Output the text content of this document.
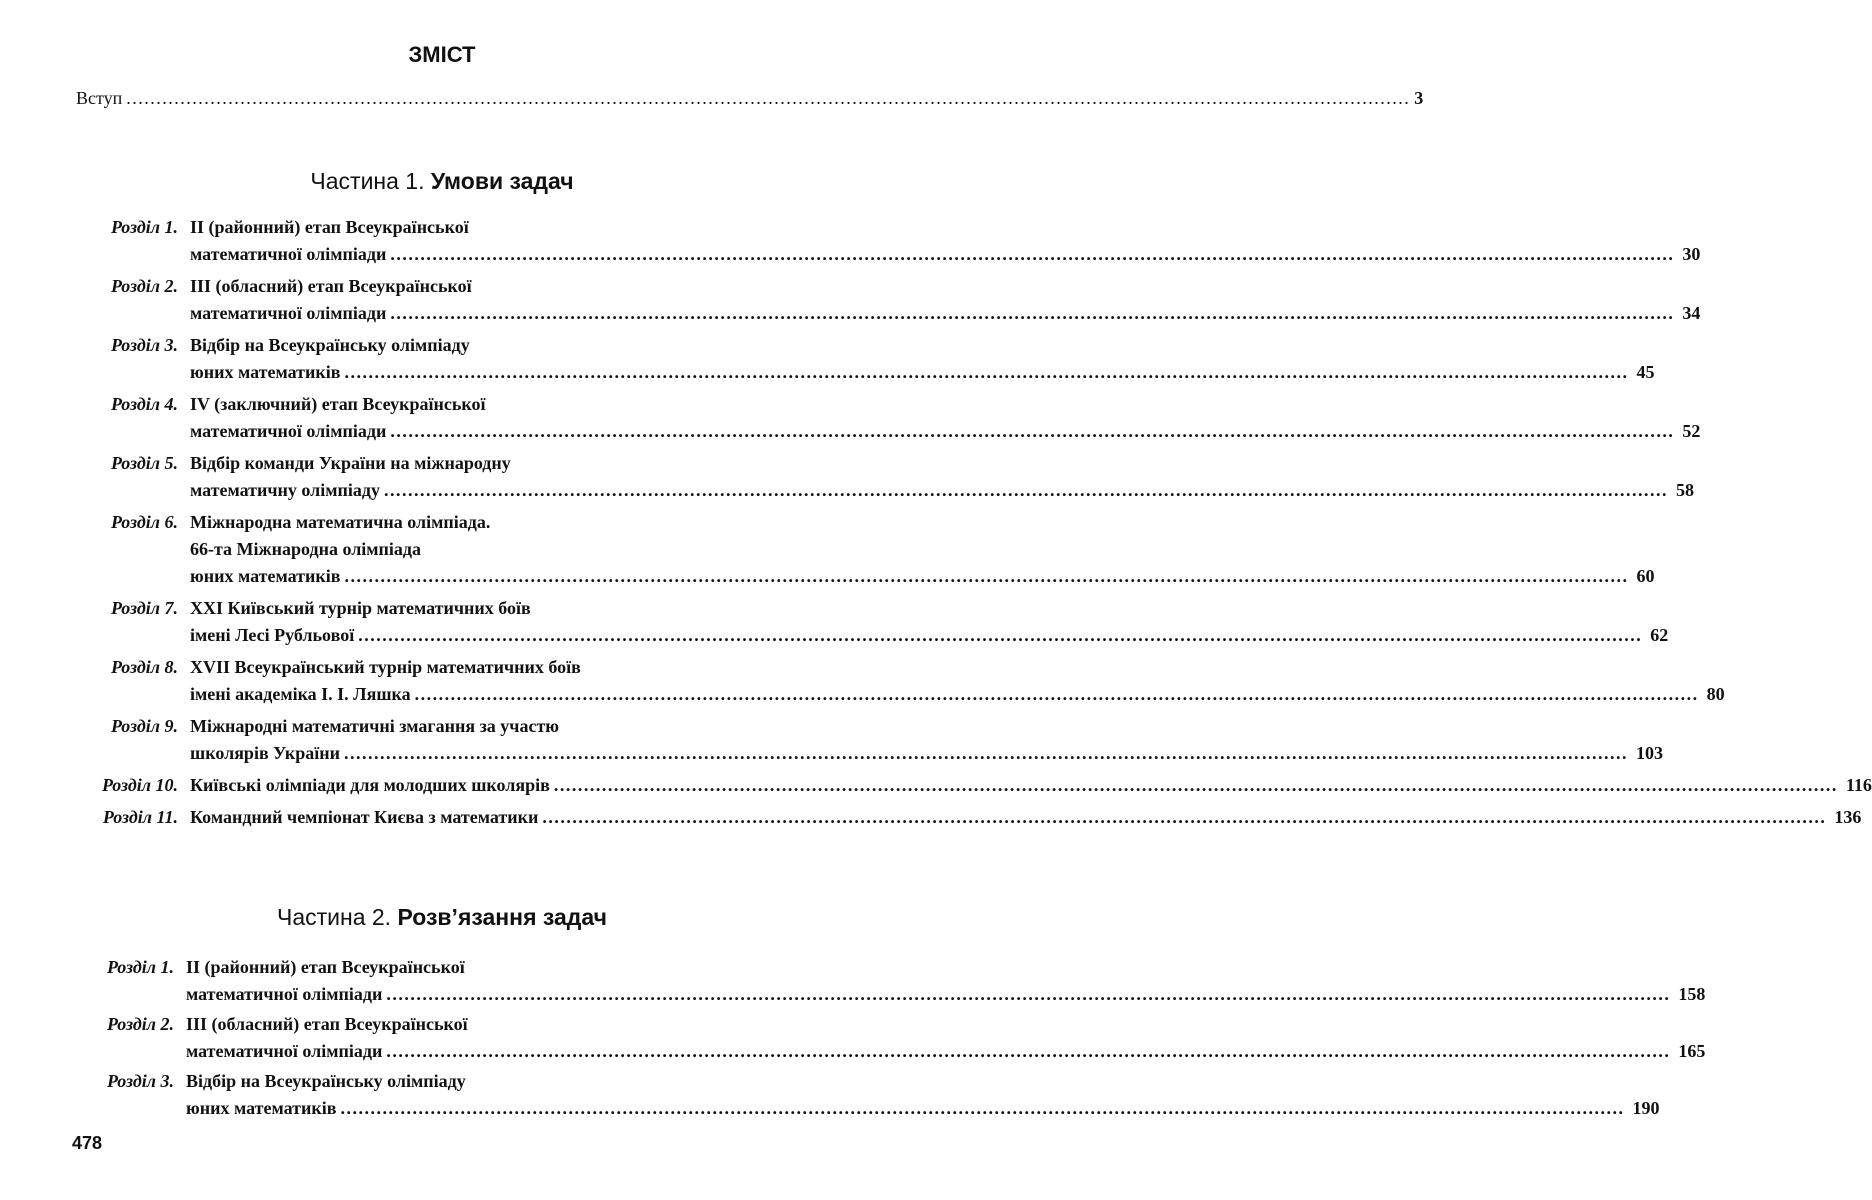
ЗМІСТ
Вступ .....	3
Частина 1. Умови задач
Розділ 1. II (районний) етап Всеукраїнської
математичної олімпіади .....	30
Розділ 2. III (обласний) етап Всеукраїнської
математичної олімпіади .....	34
Розділ 3. Відбір на Всеукраїнську олімпіаду
юних математиків .....	45
Розділ 4. IV (заключний) етап Всеукраїнської
математичної олімпіади .....	52
Розділ 5. Відбір команди України на міжнародну
математичну олімпіаду .....	58
Розділ 6. Міжнародна математична олімпіада.
66-та Міжнародна олімпіада
юних математиків .....	60
Розділ 7. XXI Київський турнір математичних боїв
імені Лесі Рубльової .....	62
Розділ 8. XVII Всеукраїнський турнір математичних боїв
імені академіка І. І. Ляшка .....	80
Розділ 9. Міжнародні математичні змагання за участю
школярів України .....	103
Розділ 10. Київські олімпіади для молодших школярів .....	116
Розділ 11. Командний чемпіонат Києва з математики .....	136
Частина 2. Розв’язання задач
Розділ 1. II (районний) етап Всеукраїнської
математичної олімпіади .....	158
Розділ 2. III (обласний) етап Всеукраїнської
математичної олімпіади .....	165
Розділ 3. Відбір на Всеукраїнську олімпіаду
юних математиків .....	190
478
